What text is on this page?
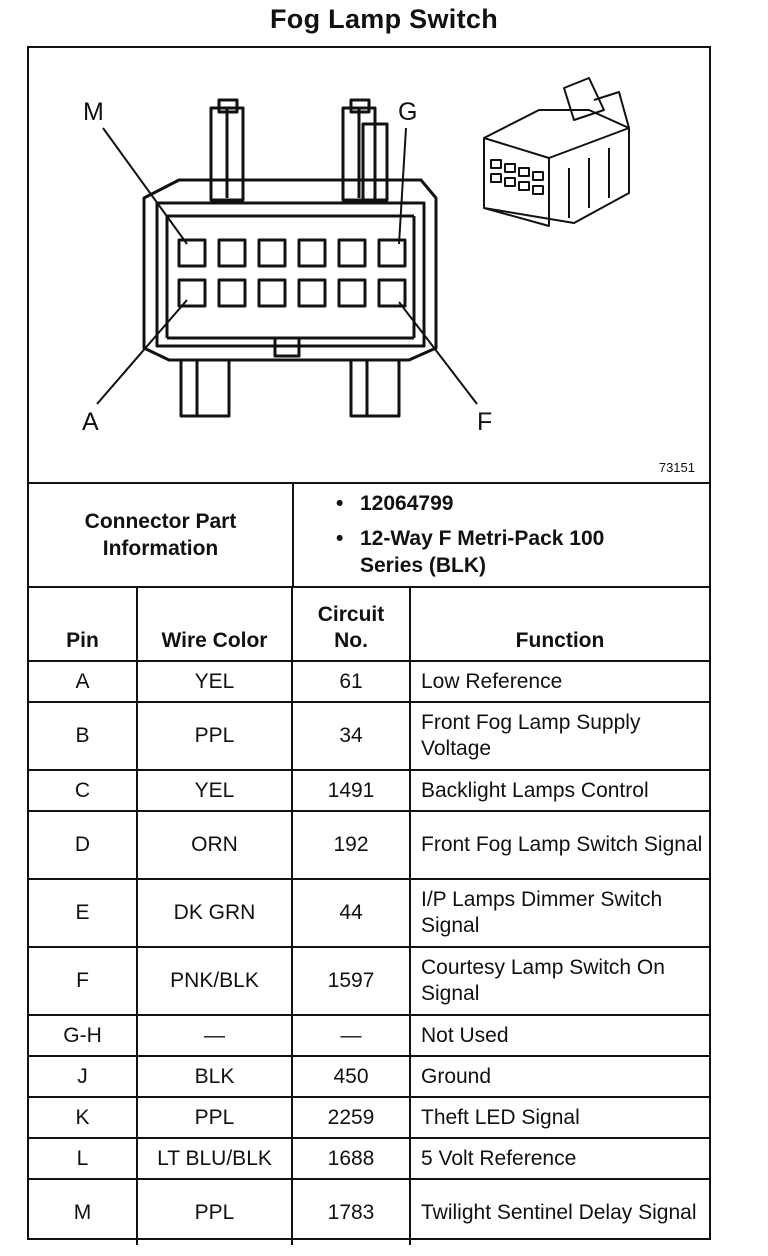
Fog Lamp Switch
M	G
A	F
73151
Connector Part Information
• 12064799
• 12-Way F Metri-Pack 100 Series (BLK)
Pin	Wire Color	Circuit No.	Function
A	YEL	61	Low Reference
B	PPL	34	Front Fog Lamp Supply Voltage
C	YEL	1491	Backlight Lamps Control
D	ORN	192	Front Fog Lamp Switch Signal
E	DK GRN	44	I/P Lamps Dimmer Switch Signal
F	PNK/BLK	1597	Courtesy Lamp Switch On Signal
G-H	—	—	Not Used
J	BLK	450	Ground
K	PPL	2259	Theft LED Signal
L	LT BLU/BLK	1688	5 Volt Reference
M	PPL	1783	Twilight Sentinel Delay Signal
